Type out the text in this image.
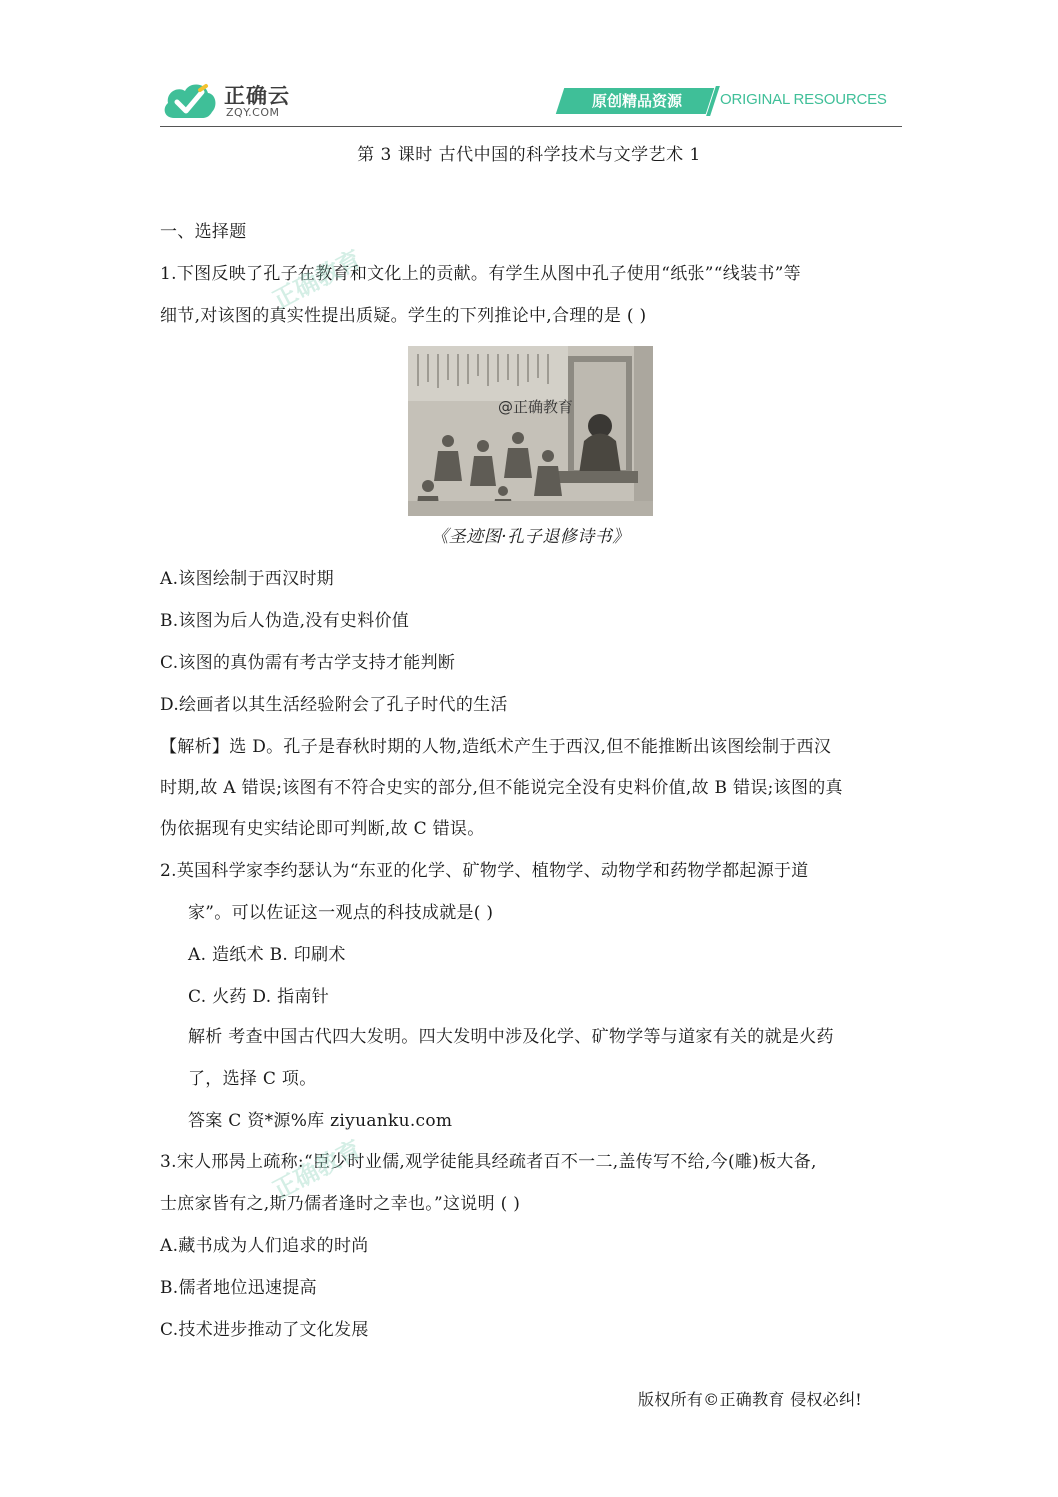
正确云
ZQY.COM
原创精品资源	ORIGINAL RESOURCES
第 3 课时 古代中国的科学技术与文学艺术 1
一、选择题
1.下图反映了孔子在教育和文化上的贡献。有学生从图中孔子使用“纸张”“线装书”等
细节,对该图的真实性提出质疑。学生的下列推论中,合理的是 ( )
@正确教育
《圣迹图·孔子退修诗书》
A.该图绘制于西汉时期
B.该图为后人伪造,没有史料价值
C.该图的真伪需有考古学支持才能判断
D.绘画者以其生活经验附会了孔子时代的生活
【解析】选 D。孔子是春秋时期的人物,造纸术产生于西汉,但不能推断出该图绘制于西汉
时期,故 A 错误;该图有不符合史实的部分,但不能说完全没有史料价值,故 B 错误;该图的真
伪依据现有史实结论即可判断,故 C 错误。
2.英国科学家李约瑟认为“东亚的化学、矿物学、植物学、动物学和药物学都起源于道
家”。可以佐证这一观点的科技成就是( )
A. 造纸术 B. 印刷术
C. 火药 D. 指南针
解析 考查中国古代四大发明。四大发明中涉及化学、矿物学等与道家有关的就是火药
了，选择 C 项。
答案 C 资*源%库 ziyuanku.com
3.宋人邢昺上疏称:“臣少时业儒,观学徒能具经疏者百不一二,盖传写不给,今(雕)板大备,
士庶家皆有之,斯乃儒者逢时之幸也。”这说明 ( )
A.藏书成为人们追求的时尚
B.儒者地位迅速提高
C.技术进步推动了文化发展
正确教育
正确教育
版权所有©正确教育 侵权必纠!
